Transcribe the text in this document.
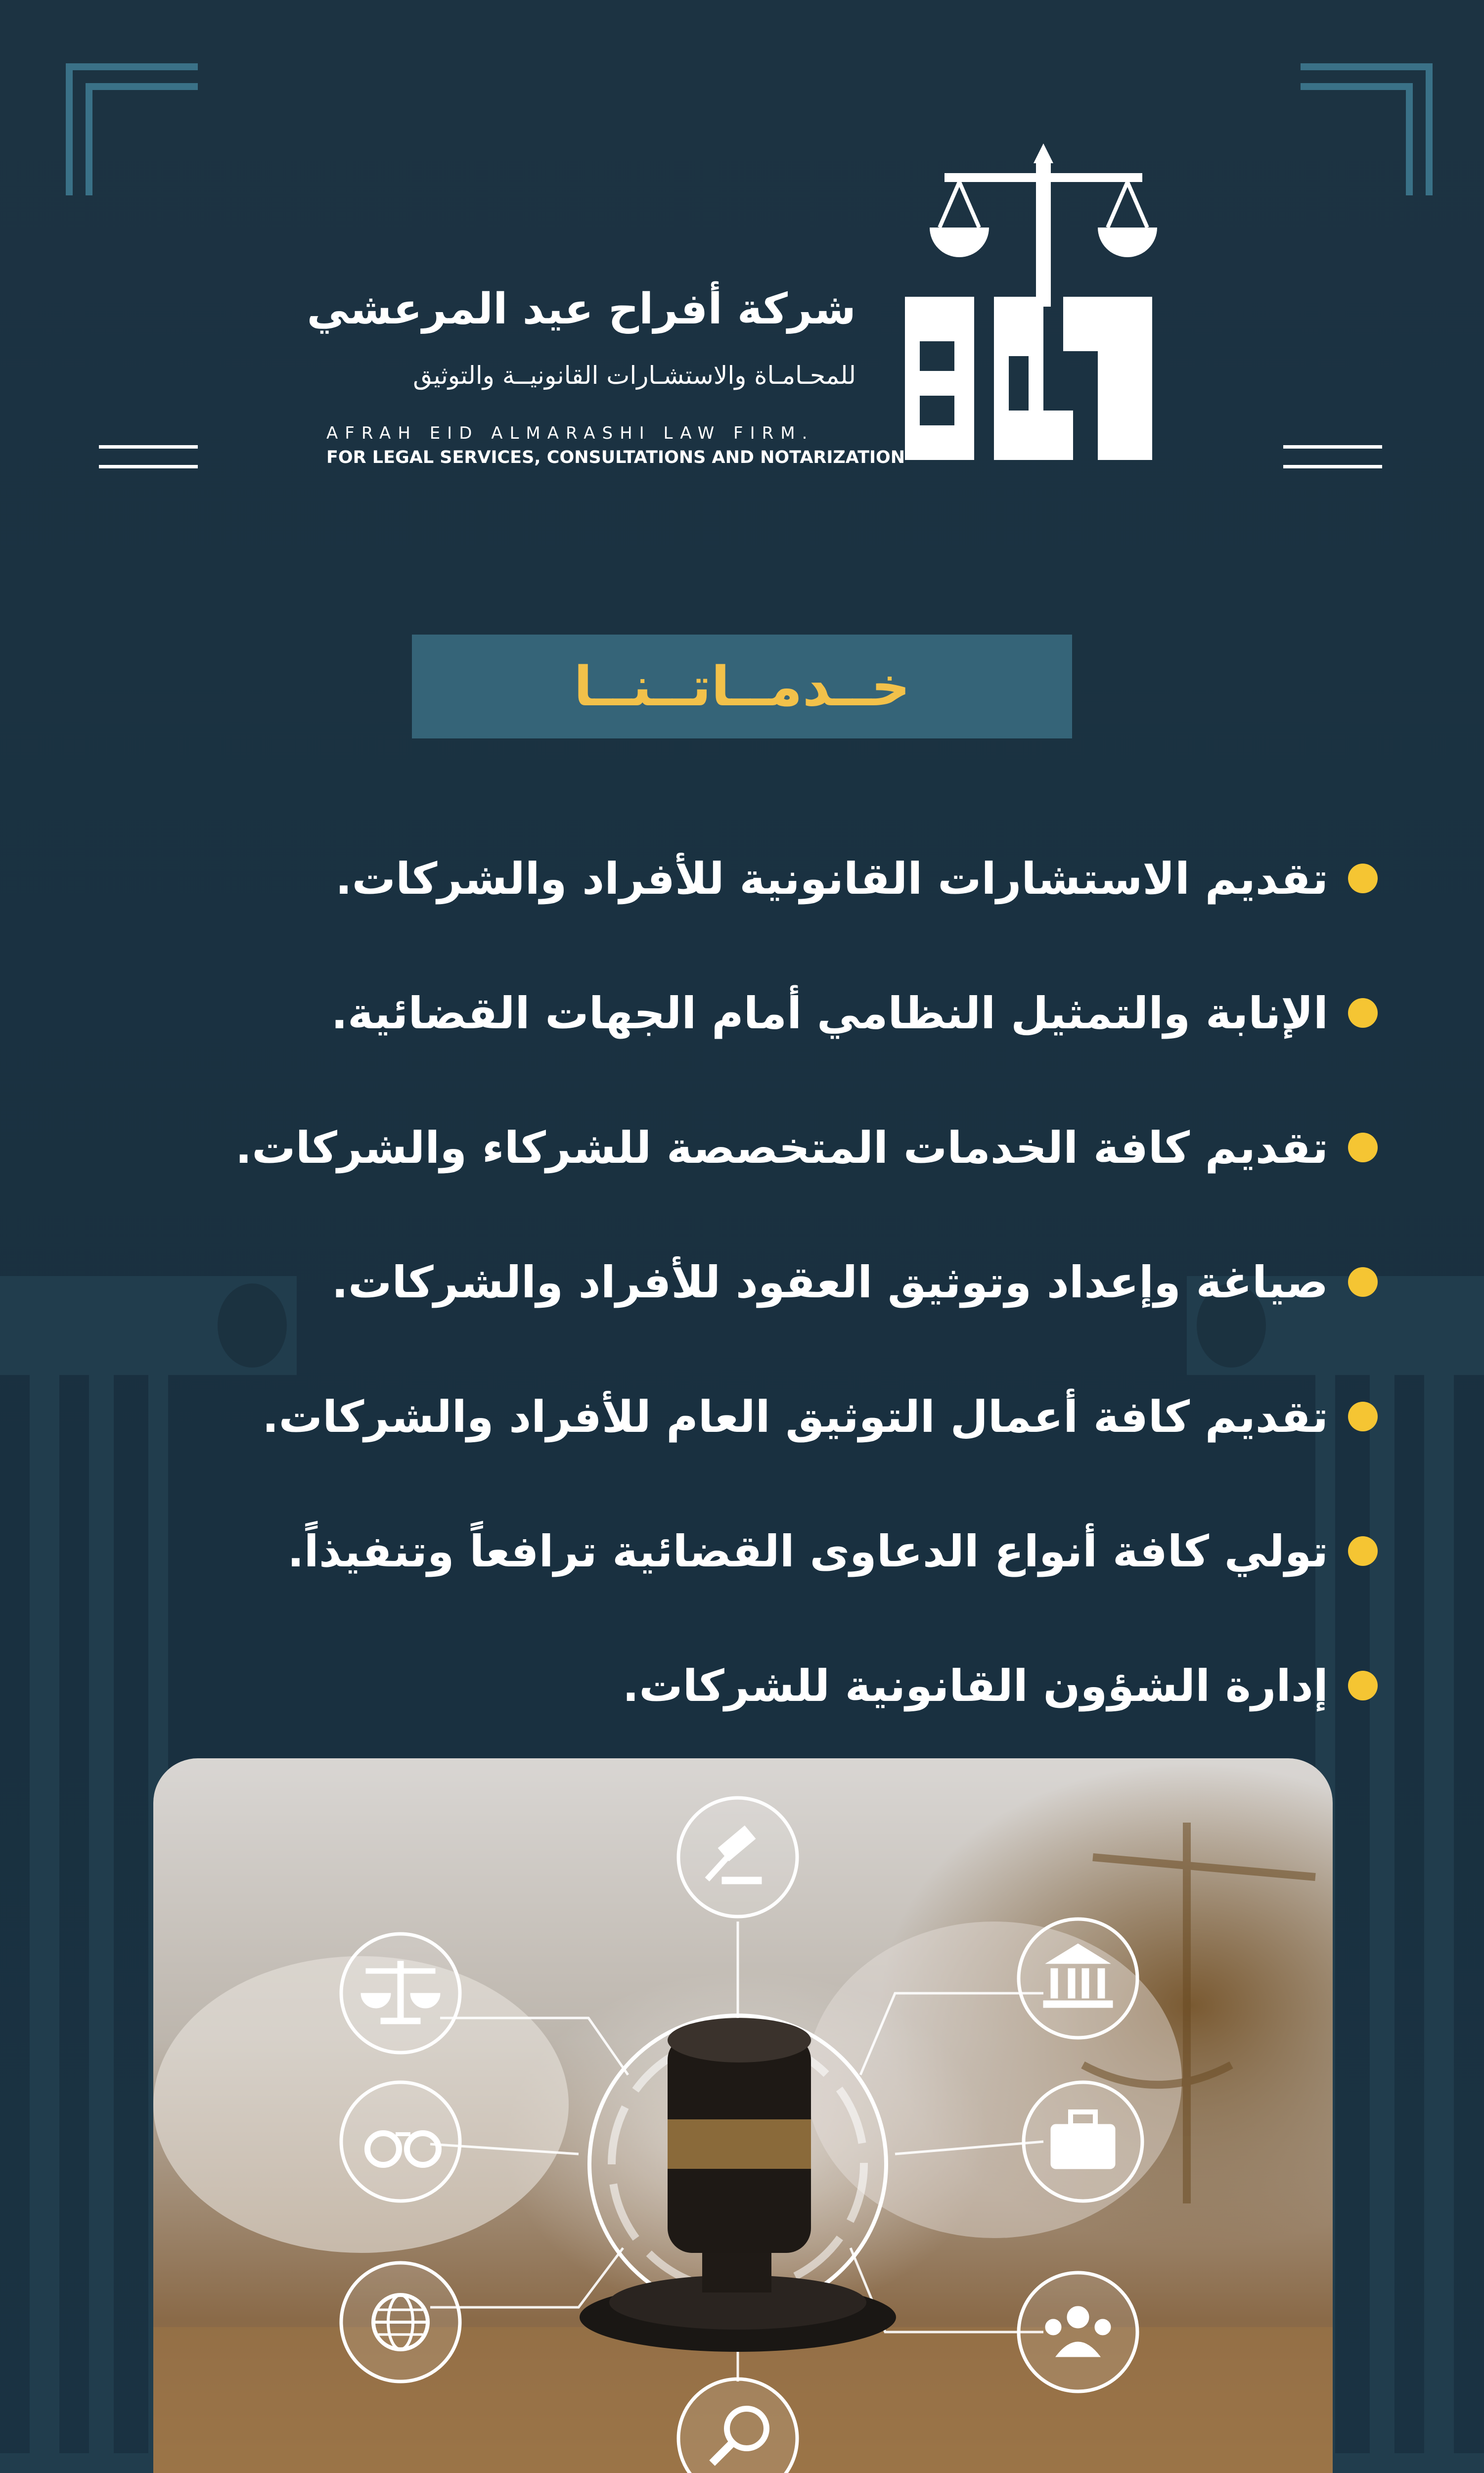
شركة أفراح عيد المرعشي
للمحـامـاة والاستشـارات القانونيــة والتوثيق
AFRAH EID ALMARASHI LAW FIRM.
FOR LEGAL SERVICES, CONSULTATIONS AND NOTARIZATION
خــدمــاتــنــا
تقديم الاستشارات القانونية للأفراد والشركات.
الإنابة والتمثيل النظامي أمام الجهات القضائية.
تقديم كافة الخدمات المتخصصة للشركاء والشركات.
صياغة وإعداد وتوثيق العقود للأفراد والشركات.
تقديم كافة أعمال التوثيق العام للأفراد والشركات.
تولي كافة أنواع الدعاوى القضائية ترافعاً وتنفيذاً.
إدارة الشؤون القانونية للشركات.
